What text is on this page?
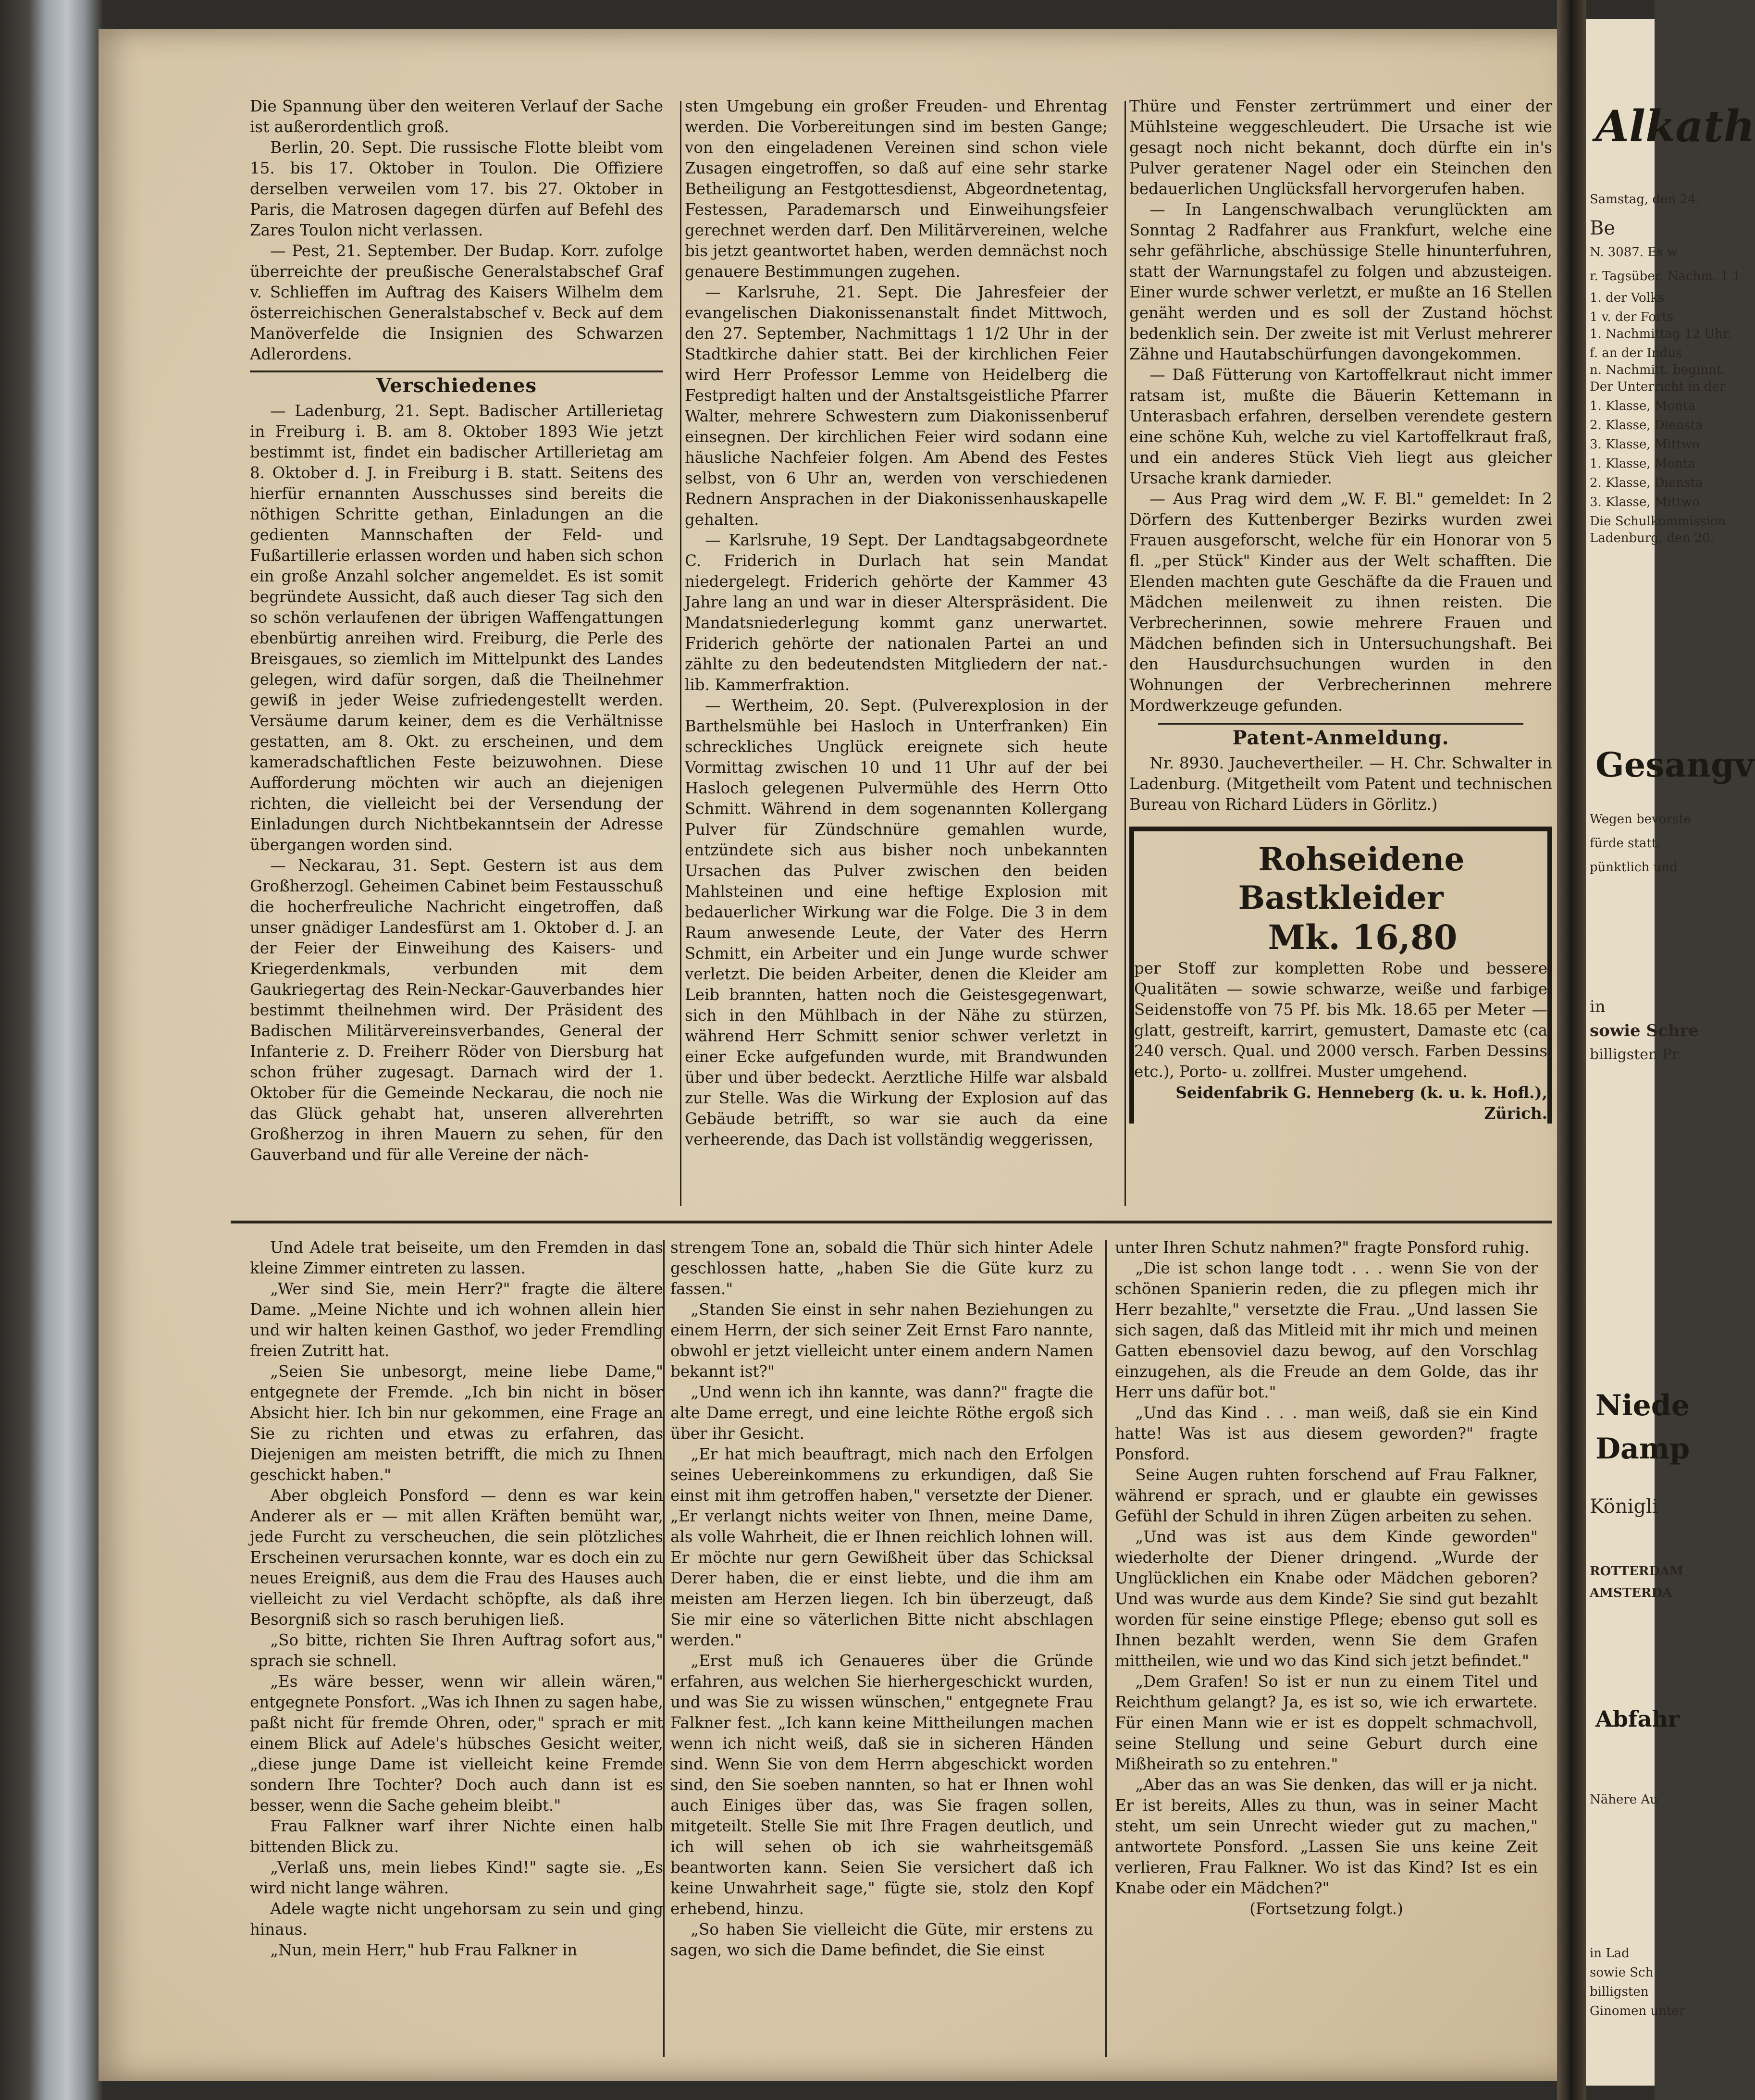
Die Spannung über den weiteren Verlauf der Sache ist außerordentlich groß.

Berlin, 20. Sept. Die russische Flotte bleibt vom 15. bis 17. Oktober in Toulon. Die Offiziere derselben verweilen vom 17. bis 27. Oktober in Paris, die Matrosen dagegen dürfen auf Befehl des Zares Toulon nicht verlassen.

— Pest, 21. September. Der Budap. Korr. zufolge überreichte der preußische Generalstabschef Graf v. Schlieffen im Auftrag des Kaisers Wilhelm dem österreichischen Generalstabschef v. Beck auf dem Manöverfelde die Insignien des Schwarzen Adlerordens.

Verschiedenes

— Ladenburg, 21. Sept. Badischer Artillerietag in Freiburg i. B. am 8. Oktober 1893 Wie jetzt bestimmt ist, findet ein badischer Artillerietag am 8. Oktober d. J. in Freiburg i B. statt. Seitens des hierfür ernannten Ausschusses sind bereits die nöthigen Schritte gethan, Einladungen an die gedienten Mannschaften der Feld- und Fußartillerie erlassen worden und haben sich schon ein große Anzahl solcher angemeldet. Es ist somit begründete Aussicht, daß auch dieser Tag sich den so schön verlaufenen der übrigen Waffengattungen ebenbürtig anreihen wird. Freiburg, die Perle des Breisgaues, so ziemlich im Mittelpunkt des Landes gelegen, wird dafür sorgen, daß die Theilnehmer gewiß in jeder Weise zufriedengestellt werden. Versäume darum keiner, dem es die Verhältnisse gestatten, am 8. Okt. zu erscheinen, und dem kameradschaftlichen Feste beizuwohnen. Diese Aufforderung möchten wir auch an diejenigen richten, die vielleicht bei der Versendung der Einladungen durch Nichtbekanntsein der Adresse übergangen worden sind.

— Neckarau, 31. Sept. Gestern ist aus dem Großherzogl. Geheimen Cabinet beim Festausschuß die hocherfreuliche Nachricht eingetroffen, daß unser gnädiger Landesfürst am 1. Oktober d. J. an der Feier der Einweihung des Kaisers- und Kriegerdenkmals, verbunden mit dem Gaukriegertag des Rein-Neckar-Gauverbandes hier bestimmt theilnehmen wird. Der Präsident des Badischen Militärvereinsverbandes, General der Infanterie z. D. Freiherr Röder von Diersburg hat schon früher zugesagt. Darnach wird der 1. Oktober für die Gemeinde Neckarau, die noch nie das Glück gehabt hat, unseren allverehrten Großherzog in ihren Mauern zu sehen, für den Gauverband und für alle Vereine der näch-

sten Umgebung ein großer Freuden- und Ehrentag werden. Die Vorbereitungen sind im besten Gange; von den eingeladenen Vereinen sind schon viele Zusagen eingetroffen, so daß auf eine sehr starke Betheiligung an Festgottesdienst, Abgeordnetentag, Festessen, Parademarsch und Einweihungsfeier gerechnet werden darf. Den Militärvereinen, welche bis jetzt geantwortet haben, werden demnächst noch genauere Bestimmungen zugehen.

— Karlsruhe, 21. Sept. Die Jahresfeier der evangelischen Diakonissenanstalt findet Mittwoch, den 27. September, Nachmittags 1 1/2 Uhr in der Stadtkirche dahier statt. Bei der kirchlichen Feier wird Herr Professor Lemme von Heidelberg die Festpredigt halten und der Anstaltsgeistliche Pfarrer Walter, mehrere Schwestern zum Diakonissenberuf einsegnen. Der kirchlichen Feier wird sodann eine häusliche Nachfeier folgen. Am Abend des Festes selbst, von 6 Uhr an, werden von verschiedenen Rednern Ansprachen in der Diakonissenhauskapelle gehalten.

— Karlsruhe, 19 Sept. Der Landtagsabgeordnete C. Friderich in Durlach hat sein Mandat niedergelegt. Friderich gehörte der Kammer 43 Jahre lang an und war in dieser Alterspräsident. Die Mandatsniederlegung kommt ganz unerwartet. Friderich gehörte der nationalen Partei an und zählte zu den bedeutendsten Mitgliedern der nat.-lib. Kammerfraktion.

— Wertheim, 20. Sept. (Pulverexplosion in der Barthelsmühle bei Hasloch in Unterfranken) Ein schreckliches Unglück ereignete sich heute Vormittag zwischen 10 und 11 Uhr auf der bei Hasloch gelegenen Pulvermühle des Herrn Otto Schmitt. Während in dem sogenannten Kollergang Pulver für Zündschnüre gemahlen wurde, entzündete sich aus bisher noch unbekannten Ursachen das Pulver zwischen den beiden Mahlsteinen und eine heftige Explosion mit bedauerlicher Wirkung war die Folge. Die 3 in dem Raum anwesende Leute, der Vater des Herrn Schmitt, ein Arbeiter und ein Junge wurde schwer verletzt. Die beiden Arbeiter, denen die Kleider am Leib brannten, hatten noch die Geistesgegenwart, sich in den Mühlbach in der Nähe zu stürzen, während Herr Schmitt senior schwer verletzt in einer Ecke aufgefunden wurde, mit Brandwunden über und über bedeckt. Aerztliche Hilfe war alsbald zur Stelle. Was die Wirkung der Explosion auf das Gebäude betrifft, so war sie auch da eine verheerende, das Dach ist vollständig weggerissen,

Thüre und Fenster zertrümmert und einer der Mühlsteine weggeschleudert. Die Ursache ist wie gesagt noch nicht bekannt, doch dürfte ein in's Pulver geratener Nagel oder ein Steinchen den bedauerlichen Unglücksfall hervorgerufen haben.

— In Langenschwalbach verunglückten am Sonntag 2 Radfahrer aus Frankfurt, welche eine sehr gefährliche, abschüssige Stelle hinunterfuhren, statt der Warnungstafel zu folgen und abzusteigen. Einer wurde schwer verletzt, er mußte an 16 Stellen genäht werden und es soll der Zustand höchst bedenklich sein. Der zweite ist mit Verlust mehrerer Zähne und Hautabschürfungen davongekommen.

— Daß Fütterung von Kartoffelkraut nicht immer ratsam ist, mußte die Bäuerin Kettemann in Unterasbach erfahren, derselben verendete gestern eine schöne Kuh, welche zu viel Kartoffelkraut fraß, und ein anderes Stück Vieh liegt aus gleicher Ursache krank darnieder.

— Aus Prag wird dem „W. F. Bl." gemeldet: In 2 Dörfern des Kuttenberger Bezirks wurden zwei Frauen ausgeforscht, welche für ein Honorar von 5 fl. „per Stück" Kinder aus der Welt schafften. Die Elenden machten gute Geschäfte da die Frauen und Mädchen meilenweit zu ihnen reisten. Die Verbrecherinnen, sowie mehrere Frauen und Mädchen befinden sich in Untersuchungshaft. Bei den Hausdurchsuchungen wurden in den Wohnungen der Verbrecherinnen mehrere Mordwerkzeuge gefunden.

Patent-Anmeldung.

Nr. 8930. Jauchevertheiler. — H. Chr. Schwalter in Ladenburg. (Mitgetheilt vom Patent und technischen Bureau von Richard Lüders in Görlitz.)

Rohseidene Bastkleider

Mk. 16,80

per Stoff zur kompletten Robe und bessere Qualitäten — sowie schwarze, weiße und farbige Seidenstoffe von 75 Pf. bis Mk. 18.65 per Meter — glatt, gestreift, karrirt, gemustert, Damaste etc (ca 240 versch. Qual. und 2000 versch. Farben Dessins etc.), Porto- u. zollfrei. Muster umgehend.

Seidenfabrik G. Henneberg (k. u. k. Hofl.), Zürich.

Und Adele trat beiseite, um den Fremden in das kleine Zimmer eintreten zu lassen.

„Wer sind Sie, mein Herr?" fragte die ältere Dame. „Meine Nichte und ich wohnen allein hier und wir halten keinen Gasthof, wo jeder Fremdling freien Zutritt hat.

„Seien Sie unbesorgt, meine liebe Dame," entgegnete der Fremde. „Ich bin nicht in böser Absicht hier. Ich bin nur gekommen, eine Frage an Sie zu richten und etwas zu erfahren, das Diejenigen am meisten betrifft, die mich zu Ihnen geschickt haben."

Aber obgleich Ponsford — denn es war kein Anderer als er — mit allen Kräften bemüht war, jede Furcht zu verscheuchen, die sein plötzliches Erscheinen verursachen konnte, war es doch ein zu neues Ereigniß, aus dem die Frau des Hauses auch vielleicht zu viel Verdacht schöpfte, als daß ihre Besorgniß sich so rasch beruhigen ließ.

„So bitte, richten Sie Ihren Auftrag sofort aus," sprach sie schnell.

„Es wäre besser, wenn wir allein wären," entgegnete Ponsfort. „Was ich Ihnen zu sagen habe, paßt nicht für fremde Ohren, oder," sprach er mit einem Blick auf Adele's hübsches Gesicht weiter, „diese junge Dame ist vielleicht keine Fremde sondern Ihre Tochter? Doch auch dann ist es besser, wenn die Sache geheim bleibt."

Frau Falkner warf ihrer Nichte einen halb bittenden Blick zu.

„Verlaß uns, mein liebes Kind!" sagte sie. „Es wird nicht lange währen.

Adele wagte nicht ungehorsam zu sein und ging hinaus.

„Nun, mein Herr," hub Frau Falkner in

strengem Tone an, sobald die Thür sich hinter Adele geschlossen hatte, „haben Sie die Güte kurz zu fassen."

„Standen Sie einst in sehr nahen Beziehungen zu einem Herrn, der sich seiner Zeit Ernst Faro nannte, obwohl er jetzt vielleicht unter einem andern Namen bekannt ist?"

„Und wenn ich ihn kannte, was dann?" fragte die alte Dame erregt, und eine leichte Röthe ergoß sich über ihr Gesicht.

„Er hat mich beauftragt, mich nach den Erfolgen seines Uebereinkommens zu erkundigen, daß Sie einst mit ihm getroffen haben," versetzte der Diener. „Er verlangt nichts weiter von Ihnen, meine Dame, als volle Wahrheit, die er Ihnen reichlich lohnen will. Er möchte nur gern Gewißheit über das Schicksal Derer haben, die er einst liebte, und die ihm am meisten am Herzen liegen. Ich bin überzeugt, daß Sie mir eine so väterlichen Bitte nicht abschlagen werden."

„Erst muß ich Genaueres über die Gründe erfahren, aus welchen Sie hierhergeschickt wurden, und was Sie zu wissen wünschen," entgegnete Frau Falkner fest. „Ich kann keine Mittheilungen machen wenn ich nicht weiß, daß sie in sicheren Händen sind. Wenn Sie von dem Herrn abgeschickt worden sind, den Sie soeben nannten, so hat er Ihnen wohl auch Einiges über das, was Sie fragen sollen, mitgeteilt. Stelle Sie mit Ihre Fragen deutlich, und ich will sehen ob ich sie wahrheitsgemäß beantworten kann. Seien Sie versichert daß ich keine Unwahrheit sage," fügte sie, stolz den Kopf erhebend, hinzu.

„So haben Sie vielleicht die Güte, mir erstens zu sagen, wo sich die Dame befindet, die Sie einst

unter Ihren Schutz nahmen?" fragte Ponsford ruhig.

„Die ist schon lange todt . . . wenn Sie von der schönen Spanierin reden, die zu pflegen mich ihr Herr bezahlte," versetzte die Frau. „Und lassen Sie sich sagen, daß das Mitleid mit ihr mich und meinen Gatten ebensoviel dazu bewog, auf den Vorschlag einzugehen, als die Freude an dem Golde, das ihr Herr uns dafür bot."

„Und das Kind . . . man weiß, daß sie ein Kind hatte! Was ist aus diesem geworden?" fragte Ponsford.

Seine Augen ruhten forschend auf Frau Falkner, während er sprach, und er glaubte ein gewisses Gefühl der Schuld in ihren Zügen arbeiten zu sehen.

„Und was ist aus dem Kinde geworden" wiederholte der Diener dringend. „Wurde der Unglücklichen ein Knabe oder Mädchen geboren? Und was wurde aus dem Kinde? Sie sind gut bezahlt worden für seine einstige Pflege; ebenso gut soll es Ihnen bezahlt werden, wenn Sie dem Grafen mittheilen, wie und wo das Kind sich jetzt befindet."

„Dem Grafen! So ist er nun zu einem Titel und Reichthum gelangt? Ja, es ist so, wie ich erwartete. Für einen Mann wie er ist es doppelt schmachvoll, seine Stellung und seine Geburt durch eine Mißheirath so zu entehren."

„Aber das an was Sie denken, das will er ja nicht. Er ist bereits, Alles zu thun, was in seiner Macht steht, um sein Unrecht wieder gut zu machen," antwortete Ponsford. „Lassen Sie uns keine Zeit verlieren, Frau Falkner. Wo ist das Kind? Ist es ein Knabe oder ein Mädchen?"

(Fortsetzung folgt.)

Alkath
Samstag, den 24.
Be
N. 3087. Es w
r. Tagsüber. Nachm. 1 1
1. der Volks
1 v. der Forts
1. Nachmittag 12 Uhr.
f. an der Indus
n. Nachmitt. beginnt.
Der Unterricht in der
1. Klasse, Monta
2. Klasse, Diensta
3. Klasse, Mittwo
1. Klasse, Monta
2. Klasse, Diensta
3. Klasse, Mittwo
Die Schulkommission
Ladenburg, den 20.
Gesangv
Wegen bevorste
fürde statt.
pünktlich und
in
sowie Schre
billigsten Pr
Niede
Damp
Königli
ROTTERDAM
AMSTERDA
Abfahr
Nähere Au
in Lad
sowie Sch
billigsten
Ginomen unter
